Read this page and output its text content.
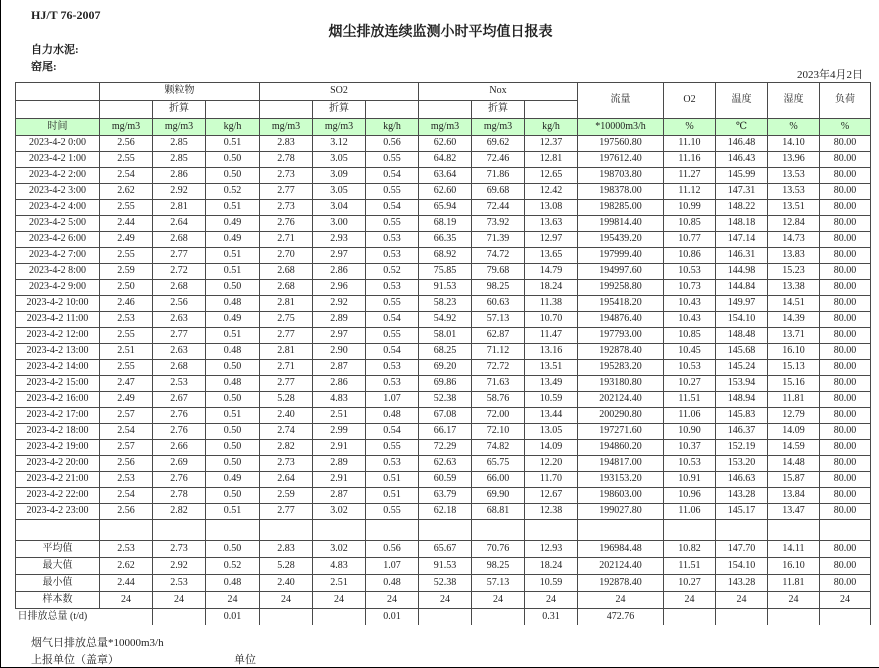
HJ/T 76-2007
烟尘排放连续监测小时平均值日报表
自力水泥:
窑尾:
2023年4月2日
	颗粒物			SO2			Nox			流量	O2	温度	湿度	负荷
		折算			折算			折算						
时间	mg/m3	mg/m3	kg/h	mg/m3	mg/m3	kg/h	mg/m3	mg/m3	kg/h	*10000m3/h	%	℃	%	%
2023-4-2 0:00	2.56	2.85	0.51	2.83	3.12	0.56	62.60	69.62	12.37	197560.80	11.10	146.48	14.10	80.00
2023-4-2 1:00	2.55	2.85	0.50	2.78	3.05	0.55	64.82	72.46	12.81	197612.40	11.16	146.43	13.96	80.00
2023-4-2 2:00	2.54	2.86	0.50	2.73	3.09	0.54	63.64	71.86	12.65	198703.80	11.27	145.99	13.53	80.00
2023-4-2 3:00	2.62	2.92	0.52	2.77	3.05	0.55	62.60	69.68	12.42	198378.00	11.12	147.31	13.53	80.00
2023-4-2 4:00	2.55	2.81	0.51	2.73	3.04	0.54	65.94	72.44	13.08	198285.00	10.99	148.22	13.51	80.00
2023-4-2 5:00	2.44	2.64	0.49	2.76	3.00	0.55	68.19	73.92	13.63	199814.40	10.85	148.18	12.84	80.00
2023-4-2 6:00	2.49	2.68	0.49	2.71	2.93	0.53	66.35	71.39	12.97	195439.20	10.77	147.14	14.73	80.00
2023-4-2 7:00	2.55	2.77	0.51	2.70	2.97	0.53	68.92	74.72	13.65	197999.40	10.86	146.31	13.83	80.00
2023-4-2 8:00	2.59	2.72	0.51	2.68	2.86	0.52	75.85	79.68	14.79	194997.60	10.53	144.98	15.23	80.00
2023-4-2 9:00	2.50	2.68	0.50	2.68	2.96	0.53	91.53	98.25	18.24	199258.80	10.73	144.84	13.38	80.00
2023-4-2 10:00	2.46	2.56	0.48	2.81	2.92	0.55	58.23	60.63	11.38	195418.20	10.43	149.97	14.51	80.00
2023-4-2 11:00	2.53	2.63	0.49	2.75	2.89	0.54	54.92	57.13	10.70	194876.40	10.43	154.10	14.39	80.00
2023-4-2 12:00	2.55	2.77	0.51	2.77	2.97	0.55	58.01	62.87	11.47	197793.00	10.85	148.48	13.71	80.00
2023-4-2 13:00	2.51	2.63	0.48	2.81	2.90	0.54	68.25	71.12	13.16	192878.40	10.45	145.68	16.10	80.00
2023-4-2 14:00	2.55	2.68	0.50	2.71	2.87	0.53	69.20	72.72	13.51	195283.20	10.53	145.24	15.13	80.00
2023-4-2 15:00	2.47	2.53	0.48	2.77	2.86	0.53	69.86	71.63	13.49	193180.80	10.27	153.94	15.16	80.00
2023-4-2 16:00	2.49	2.67	0.50	5.28	4.83	1.07	52.38	58.76	10.59	202124.40	11.51	148.94	11.81	80.00
2023-4-2 17:00	2.57	2.76	0.51	2.40	2.51	0.48	67.08	72.00	13.44	200290.80	11.06	145.83	12.79	80.00
2023-4-2 18:00	2.54	2.76	0.50	2.74	2.99	0.54	66.17	72.10	13.05	197271.60	10.90	146.37	14.09	80.00
2023-4-2 19:00	2.57	2.66	0.50	2.82	2.91	0.55	72.29	74.82	14.09	194860.20	10.37	152.19	14.59	80.00
2023-4-2 20:00	2.56	2.69	0.50	2.73	2.89	0.53	62.63	65.75	12.20	194817.00	10.53	153.20	14.48	80.00
2023-4-2 21:00	2.53	2.76	0.49	2.64	2.91	0.51	60.59	66.00	11.70	193153.20	10.91	146.63	15.87	80.00
2023-4-2 22:00	2.54	2.78	0.50	2.59	2.87	0.51	63.79	69.90	12.67	198603.00	10.96	143.28	13.84	80.00
2023-4-2 23:00	2.56	2.82	0.51	2.77	3.02	0.55	62.18	68.81	12.38	199027.80	11.06	145.17	13.47	80.00

平均值	2.53	2.73	0.50	2.83	3.02	0.56	65.67	70.76	12.93	196984.48	10.82	147.70	14.11	80.00
最大值	2.62	2.92	0.52	5.28	4.83	1.07	91.53	98.25	18.24	202124.40	11.51	154.10	16.10	80.00
最小值	2.44	2.53	0.48	2.40	2.51	0.48	52.38	57.13	10.59	192878.40	10.27	143.28	11.81	80.00
样本数	24	24	24	24	24	24	24	24	24	24	24	24	24	24
日排放总量 (t/d)			0.01			0.01			0.31	472.76				
烟气日排放总量*10000m3/h
上报单位（盖章）	单位
